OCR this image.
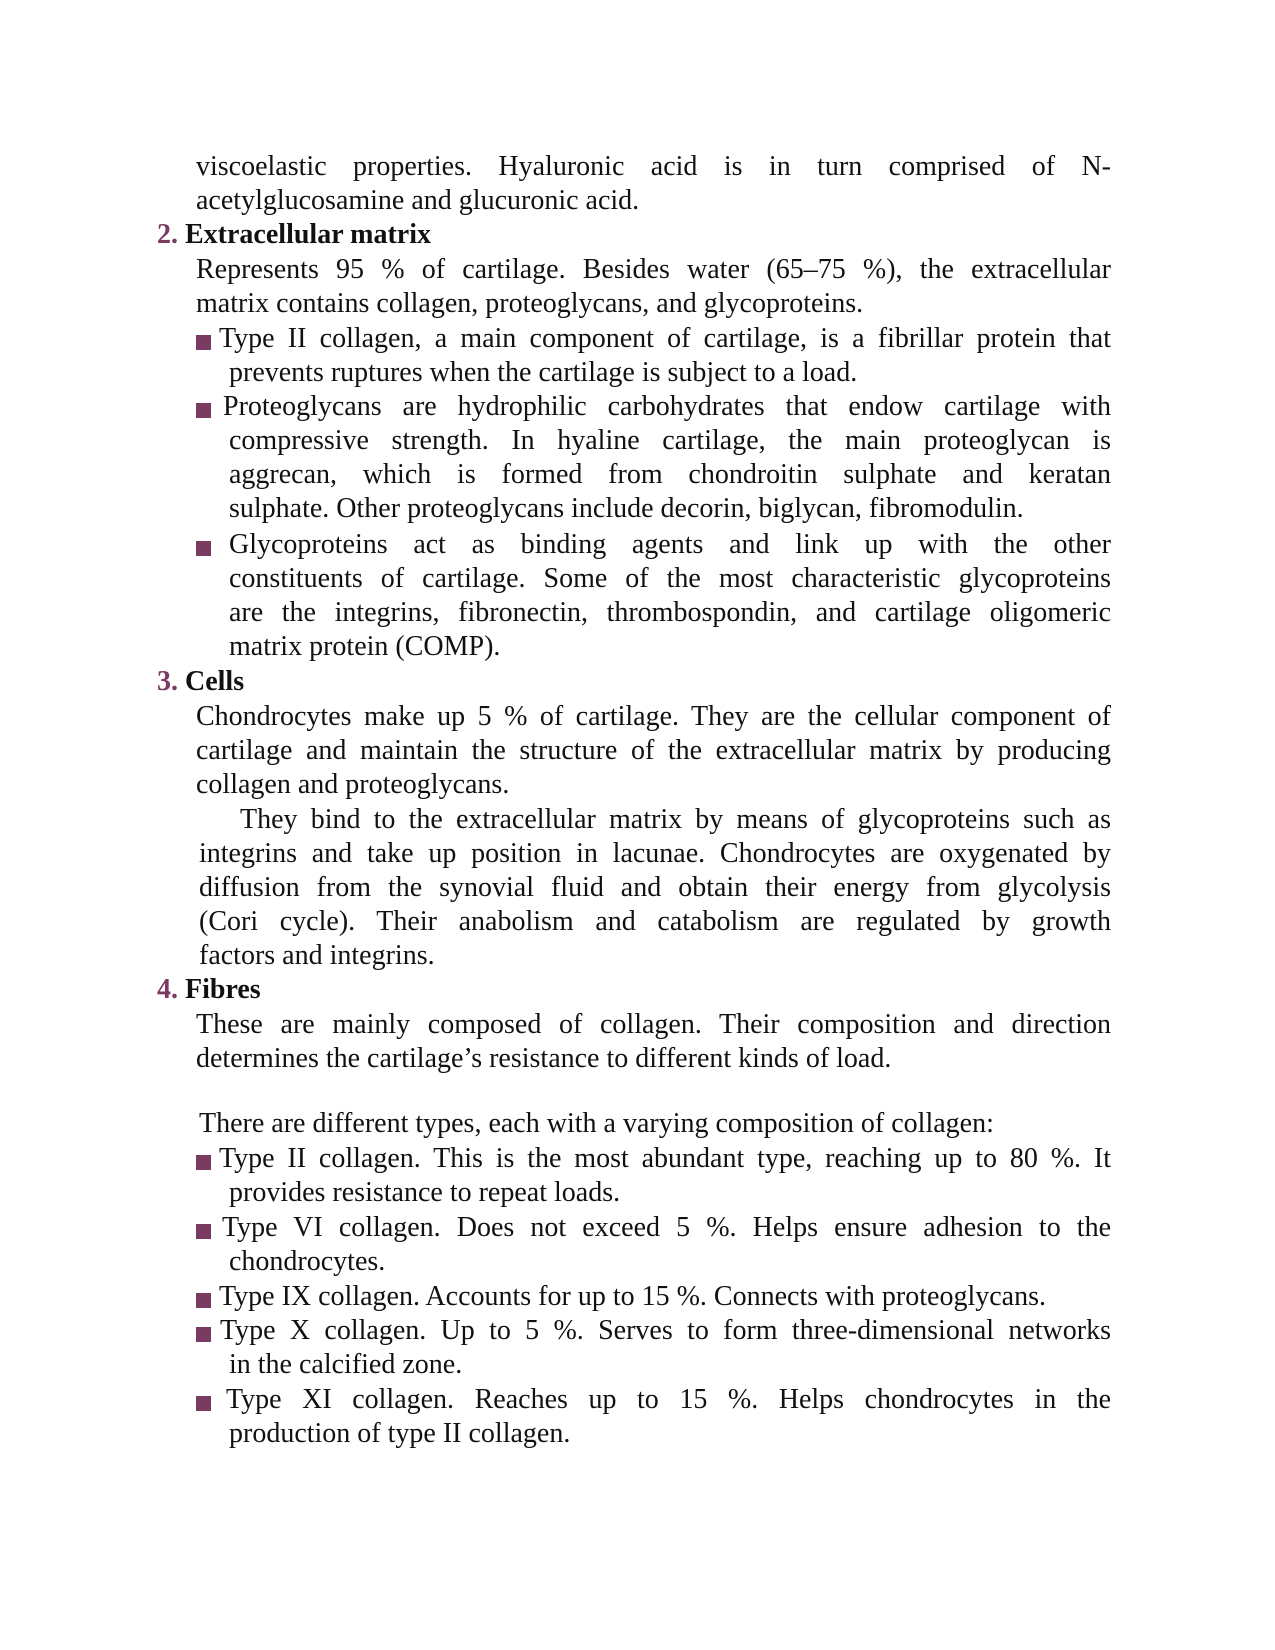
viscoelastic properties. Hyaluronic acid is in turn comprised of N-
acetylglucosamine and glucuronic acid.
2. Extracellular matrix
Represents 95 % of cartilage. Besides water (65–75 %), the extracellular
matrix contains collagen, proteoglycans, and glycoproteins.
Type II collagen, a main component of cartilage, is a fibrillar protein that
prevents ruptures when the cartilage is subject to a load.
Proteoglycans are hydrophilic carbohydrates that endow cartilage with
compressive strength. In hyaline cartilage, the main proteoglycan is
aggrecan, which is formed from chondroitin sulphate and keratan
sulphate. Other proteoglycans include decorin, biglycan, fibromodulin.
Glycoproteins act as binding agents and link up with the other
constituents of cartilage. Some of the most characteristic glycoproteins
are the integrins, fibronectin, thrombospondin, and cartilage oligomeric
matrix protein (COMP).
3. Cells
Chondrocytes make up 5 % of cartilage. They are the cellular component of
cartilage and maintain the structure of the extracellular matrix by producing
collagen and proteoglycans.
They bind to the extracellular matrix by means of glycoproteins such as
integrins and take up position in lacunae. Chondrocytes are oxygenated by
diffusion from the synovial fluid and obtain their energy from glycolysis
(Cori cycle). Their anabolism and catabolism are regulated by growth
factors and integrins.
4. Fibres
These are mainly composed of collagen. Their composition and direction
determines the cartilage’s resistance to different kinds of load.
There are different types, each with a varying composition of collagen:
Type II collagen. This is the most abundant type, reaching up to 80 %. It
provides resistance to repeat loads.
Type VI collagen. Does not exceed 5 %. Helps ensure adhesion to the
chondrocytes.
Type IX collagen. Accounts for up to 15 %. Connects with proteoglycans.
Type X collagen. Up to 5 %. Serves to form three-dimensional networks
in the calcified zone.
Type XI collagen. Reaches up to 15 %. Helps chondrocytes in the
production of type II collagen.
